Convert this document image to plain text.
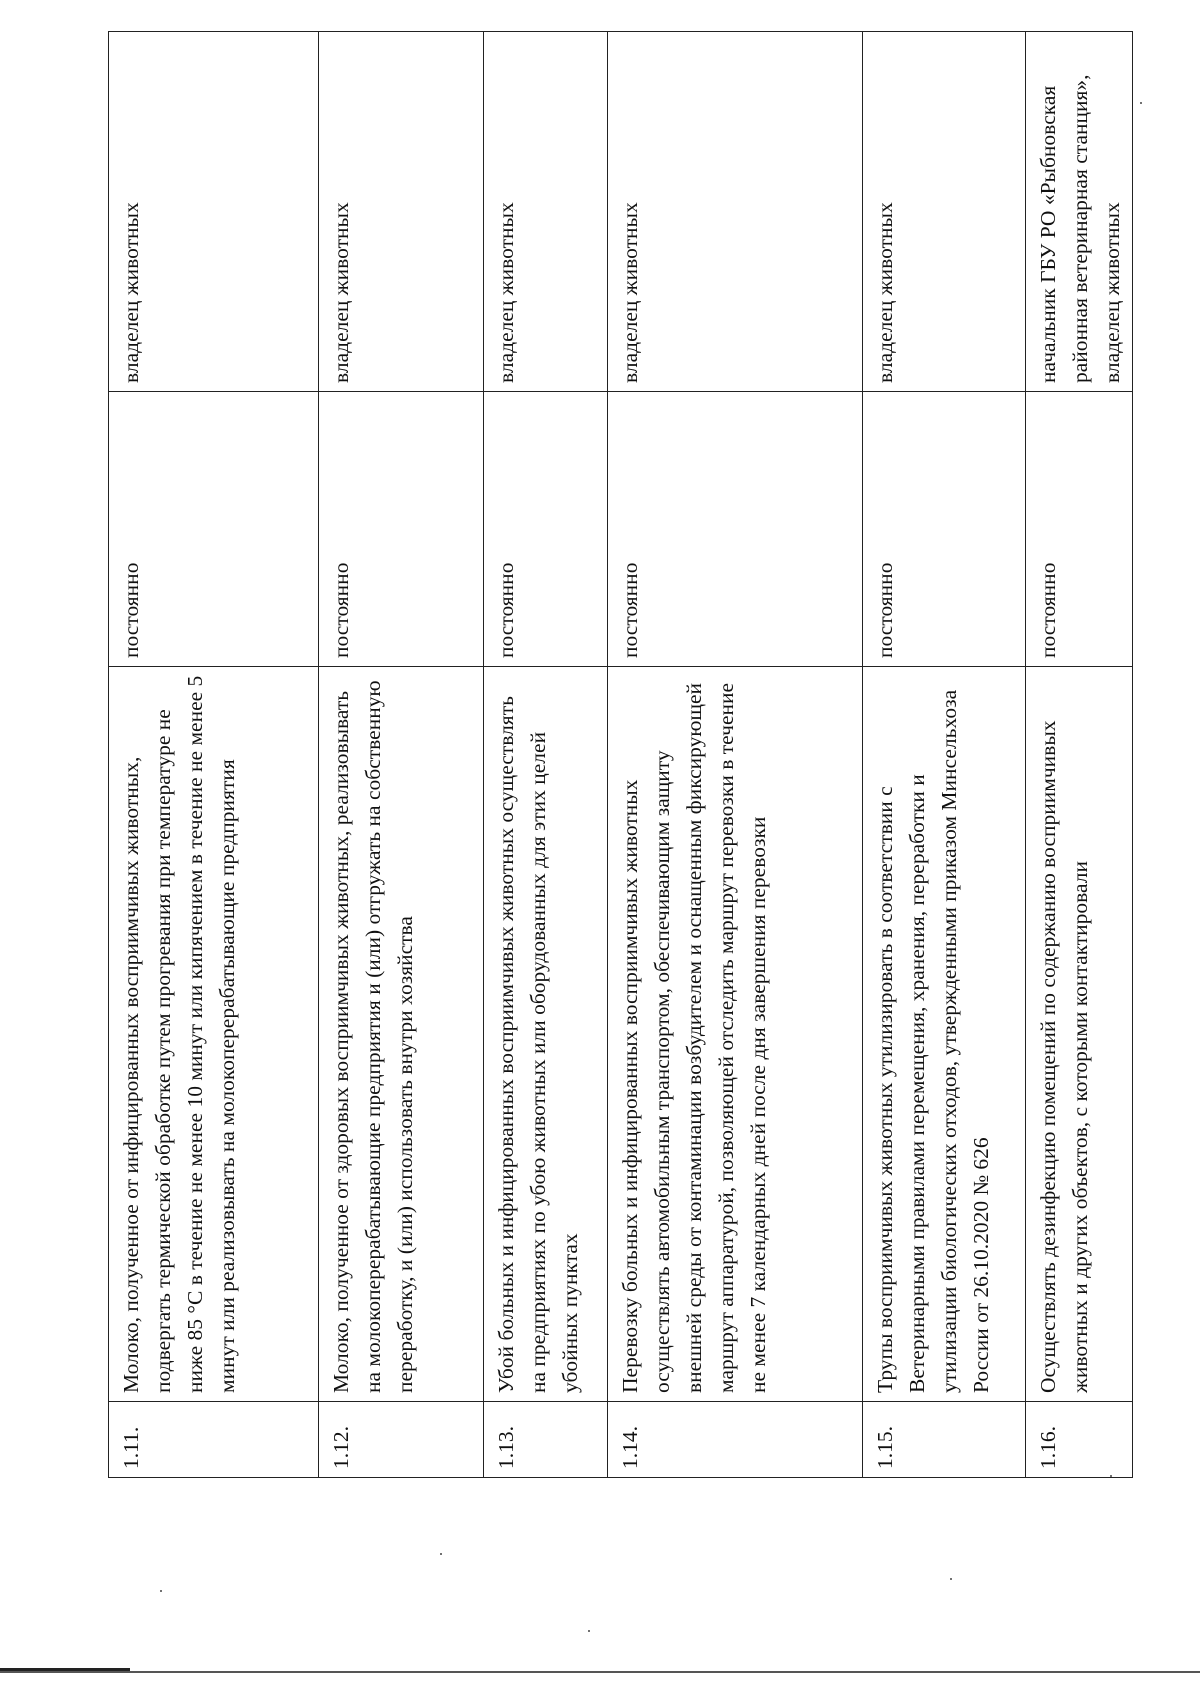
1.11.	Молоко, полученное от инфицированных восприимчивых животных, подвергать термической обработке путем прогревания при температуре не ниже 85 °С в течение не менее 10 минут или кипячением в течение не менее 5 минут или реализовывать на молокоперерабатывающие предприятия	постоянно	владелец животных
1.12.	Молоко, полученное от здоровых восприимчивых животных, реализовывать на молокоперерабатывающие предприятия и (или) отгружать на собственную переработку, и (или) использовать внутри хозяйства	постоянно	владелец животных
1.13.	Убой больных и инфицированных восприимчивых животных осуществлять на предприятиях по убою животных или оборудованных для этих целей убойных пунктах	постоянно	владелец животных
1.14.	Перевозку больных и инфицированных восприимчивых животных осуществлять автомобильным транспортом, обеспечивающим защиту внешней среды от контаминации возбудителем и оснащенным фиксирующей маршрут аппаратурой, позволяющей отследить маршрут перевозки в течение не менее 7 календарных дней после дня завершения перевозки	постоянно	владелец животных
1.15.	Трупы восприимчивых животных утилизировать в соответствии с Ветеринарными правилами перемещения, хранения, переработки и утилизации биологических отходов, утвержденными приказом Минсельхоза России от 26.10.2020 № 626	постоянно	владелец животных
1.16.	Осуществлять дезинфекцию помещений по содержанию восприимчивых животных и других объектов, с которыми контактировали	постоянно	начальник ГБУ РО «Рыбновская районная ветеринарная станция», владелец животных
